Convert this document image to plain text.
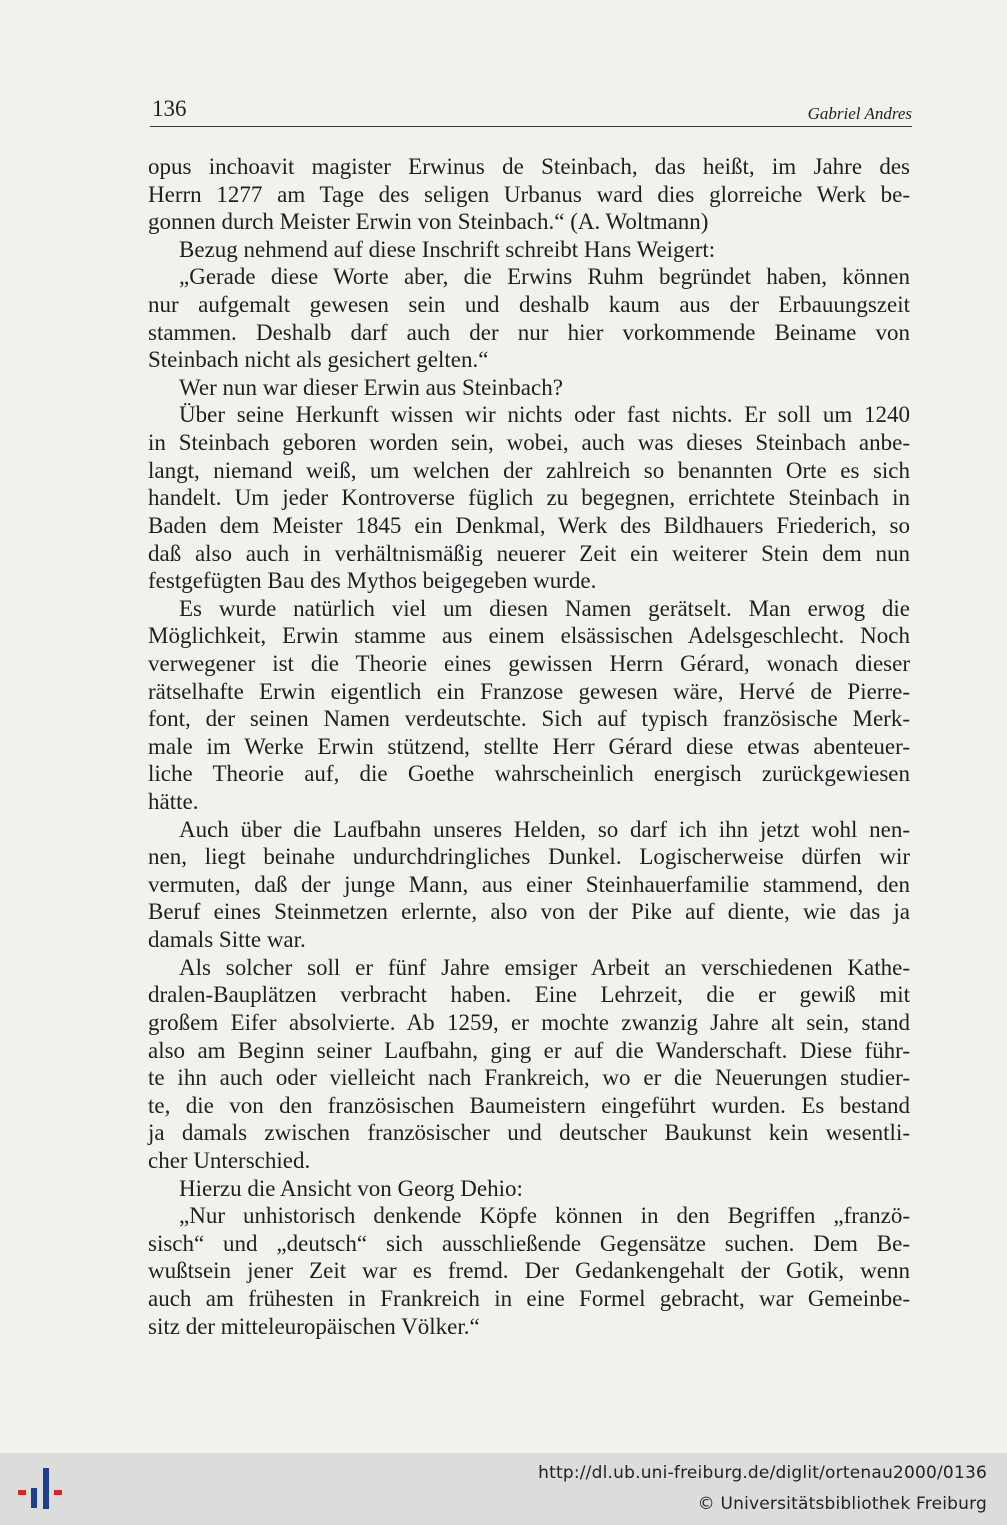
136	Gabriel Andres
opus inchoavit magister Erwinus de Steinbach, das heißt, im Jahre des
Herrn 1277 am Tage des seligen Urbanus ward dies glorreiche Werk be-
gonnen durch Meister Erwin von Steinbach.“ (A. Woltmann)
Bezug nehmend auf diese Inschrift schreibt Hans Weigert:
„Gerade diese Worte aber, die Erwins Ruhm begründet haben, können
nur aufgemalt gewesen sein und deshalb kaum aus der Erbauungszeit
stammen. Deshalb darf auch der nur hier vorkommende Beiname von
Steinbach nicht als gesichert gelten.“
Wer nun war dieser Erwin aus Steinbach?
Über seine Herkunft wissen wir nichts oder fast nichts. Er soll um 1240
in Steinbach geboren worden sein, wobei, auch was dieses Steinbach anbe-
langt, niemand weiß, um welchen der zahlreich so benannten Orte es sich
handelt. Um jeder Kontroverse füglich zu begegnen, errichtete Steinbach in
Baden dem Meister 1845 ein Denkmal, Werk des Bildhauers Friederich, so
daß also auch in verhältnismäßig neuerer Zeit ein weiterer Stein dem nun
festgefügten Bau des Mythos beigegeben wurde.
Es wurde natürlich viel um diesen Namen gerätselt. Man erwog die
Möglichkeit, Erwin stamme aus einem elsässischen Adelsgeschlecht. Noch
verwegener ist die Theorie eines gewissen Herrn Gérard, wonach dieser
rätselhafte Erwin eigentlich ein Franzose gewesen wäre, Hervé de Pierre-
font, der seinen Namen verdeutschte. Sich auf typisch französische Merk-
male im Werke Erwin stützend, stellte Herr Gérard diese etwas abenteuer-
liche Theorie auf, die Goethe wahrscheinlich energisch zurückgewiesen
hätte.
Auch über die Laufbahn unseres Helden, so darf ich ihn jetzt wohl nen-
nen, liegt beinahe undurchdringliches Dunkel. Logischerweise dürfen wir
vermuten, daß der junge Mann, aus einer Steinhauerfamilie stammend, den
Beruf eines Steinmetzen erlernte, also von der Pike auf diente, wie das ja
damals Sitte war.
Als solcher soll er fünf Jahre emsiger Arbeit an verschiedenen Kathe-
dralen-Bauplätzen verbracht haben. Eine Lehrzeit, die er gewiß mit
großem Eifer absolvierte. Ab 1259, er mochte zwanzig Jahre alt sein, stand
also am Beginn seiner Laufbahn, ging er auf die Wanderschaft. Diese führ-
te ihn auch oder vielleicht nach Frankreich, wo er die Neuerungen studier-
te, die von den französischen Baumeistern eingeführt wurden. Es bestand
ja damals zwischen französischer und deutscher Baukunst kein wesentli-
cher Unterschied.
Hierzu die Ansicht von Georg Dehio:
„Nur unhistorisch denkende Köpfe können in den Begriffen „franzö-
sisch“ und „deutsch“ sich ausschließende Gegensätze suchen. Dem Be-
wußtsein jener Zeit war es fremd. Der Gedankengehalt der Gotik, wenn
auch am frühesten in Frankreich in eine Formel gebracht, war Gemeinbe-
sitz der mitteleuropäischen Völker.“
http://dl.ub.uni-freiburg.de/diglit/ortenau2000/0136
© Universitätsbibliothek Freiburg
